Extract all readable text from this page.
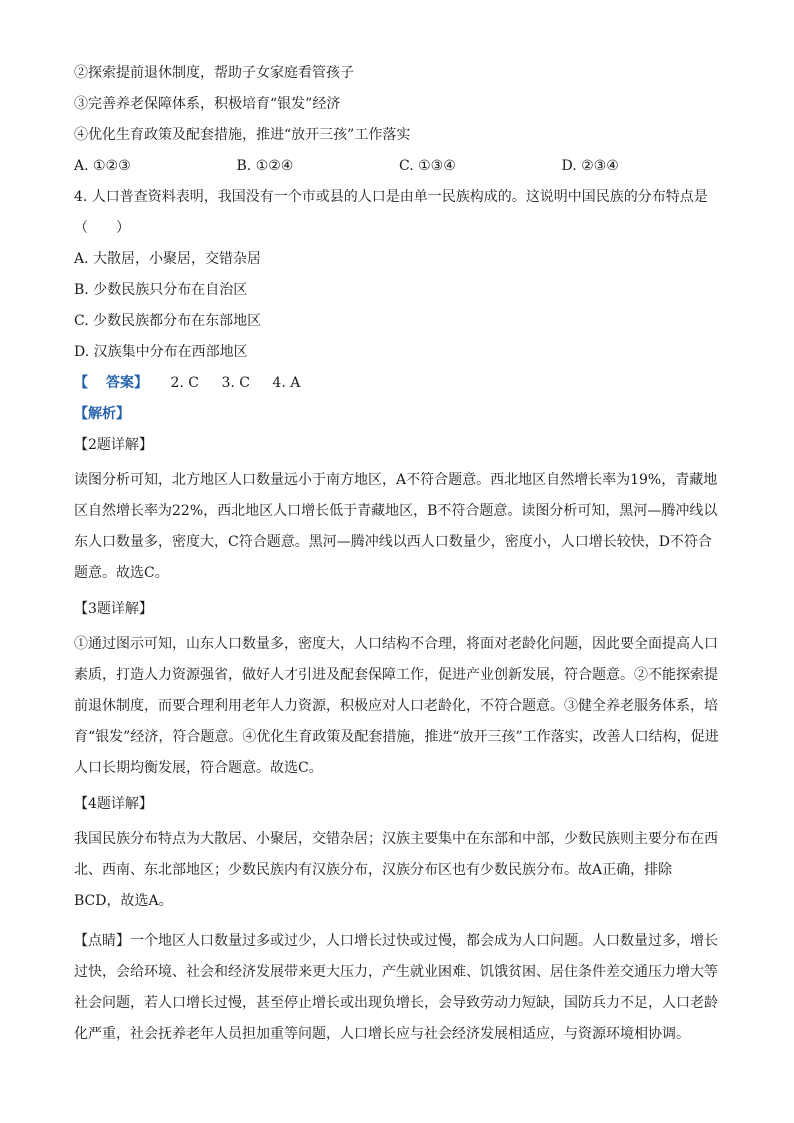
②探索提前退休制度，帮助子女家庭看管孩子
③完善养老保障体系，积极培育“银发”经济
④优化生育政策及配套措施，推进“放开三孩”工作落实
A. ①②③	B. ①②④	C. ①③④	D. ②③④
4. 人口普查资料表明，我国没有一个市或县的人口是由单一民族构成的。这说明中国民族的分布特点是
（　　）
A. 大散居，小聚居，交错杂居
B. 少数民族只分布在自治区
C. 少数民族都分布在东部地区
D. 汉族集中分布在西部地区
【 答案】 2. C 3. C 4. A
【解析】
【2题详解】
读图分析可知，北方地区人口数量远小于南方地区，A不符合题意。西北地区自然增长率为19%，青藏地
区自然增长率为22%，西北地区人口增长低于青藏地区，B不符合题意。读图分析可知，黑河—腾冲线以
东人口数量多，密度大，C符合题意。黑河—腾冲线以西人口数量少，密度小，人口增长较快，D不符合
题意。故选C。
【3题详解】
①通过图示可知，山东人口数量多，密度大，人口结构不合理，将面对老龄化问题，因此要全面提高人口
素质，打造人力资源强省，做好人才引进及配套保障工作，促进产业创新发展，符合题意。②不能探索提
前退休制度，而要合理利用老年人力资源，积极应对人口老龄化，不符合题意。③健全养老服务体系，培
育“银发”经济，符合题意。④优化生育政策及配套措施，推进“放开三孩”工作落实，改善人口结构，促进
人口长期均衡发展，符合题意。故选C。
【4题详解】
我国民族分布特点为大散居、小聚居，交错杂居；汉族主要集中在东部和中部，少数民族则主要分布在西
北、西南、东北部地区；少数民族内有汉族分布，汉族分布区也有少数民族分布。故A正确，排除
BCD，故选A。
【点睛】一个地区人口数量过多或过少，人口增长过快或过慢，都会成为人口问题。人口数量过多，增长
过快，会给环境、社会和经济发展带来更大压力，产生就业困难、饥饿贫困、居住条件差交通压力增大等
社会问题，若人口增长过慢，甚至停止增长或出现负增长，会导致劳动力短缺，国防兵力不足，人口老龄
化严重，社会抚养老年人员担加重等问题，人口增长应与社会经济发展相适应，与资源环境相协调。
